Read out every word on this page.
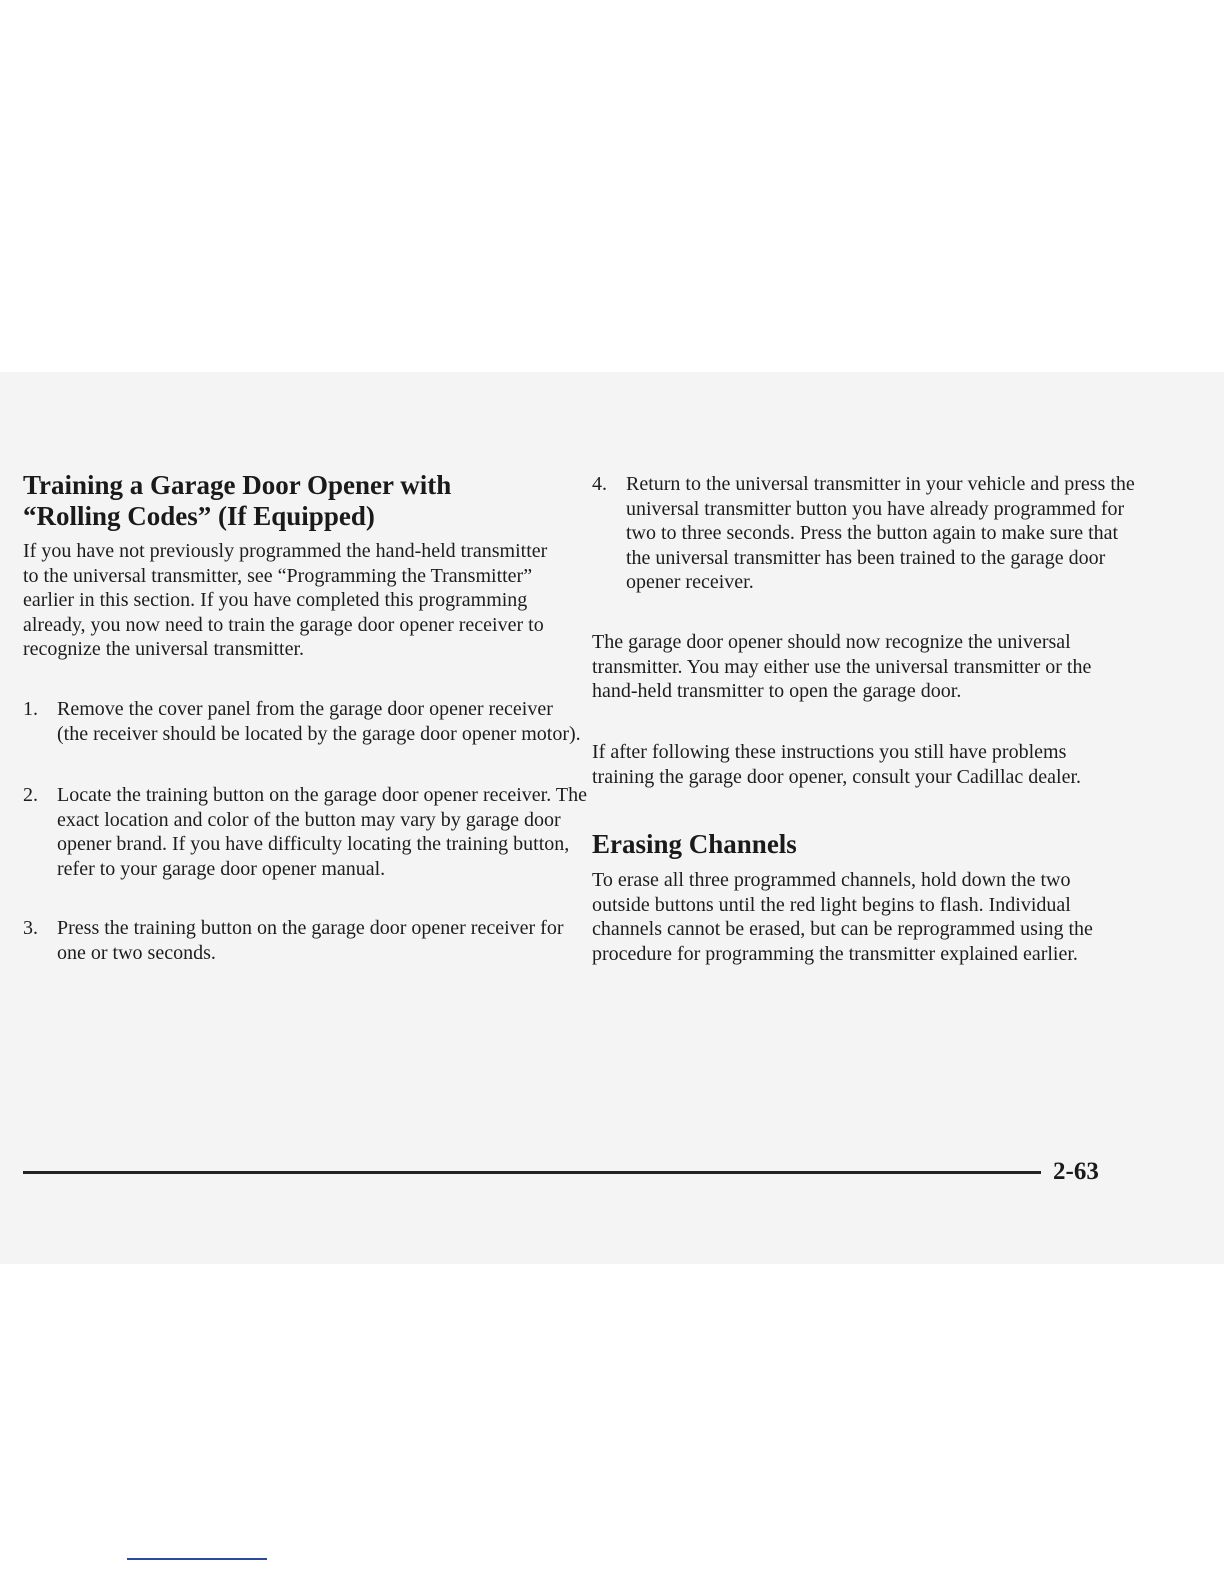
Training a Garage Door Opener with
“Rolling Codes” (If Equipped)

If you have not previously programmed the hand-held transmitter to the universal transmitter, see “Programming the Transmitter” earlier in this section. If you have completed this programming already, you now need to train the garage door opener receiver to recognize the universal transmitter.

1. Remove the cover panel from the garage door opener receiver (the receiver should be located by the garage door opener motor).
2. Locate the training button on the garage door opener receiver. The exact location and color of the button may vary by garage door opener brand. If you have difficulty locating the training button, refer to your garage door opener manual.
3. Press the training button on the garage door opener receiver for one or two seconds.
4. Return to the universal transmitter in your vehicle and press the universal transmitter button you have already programmed for two to three seconds. Press the button again to make sure that the universal transmitter has been trained to the garage door opener receiver.

The garage door opener should now recognize the universal transmitter. You may either use the universal transmitter or the hand-held transmitter to open the garage door.

If after following these instructions you still have problems training the garage door opener, consult your Cadillac dealer.

Erasing Channels

To erase all three programmed channels, hold down the two outside buttons until the red light begins to flash. Individual channels cannot be erased, but can be reprogrammed using the procedure for programming the transmitter explained earlier.

2-63
